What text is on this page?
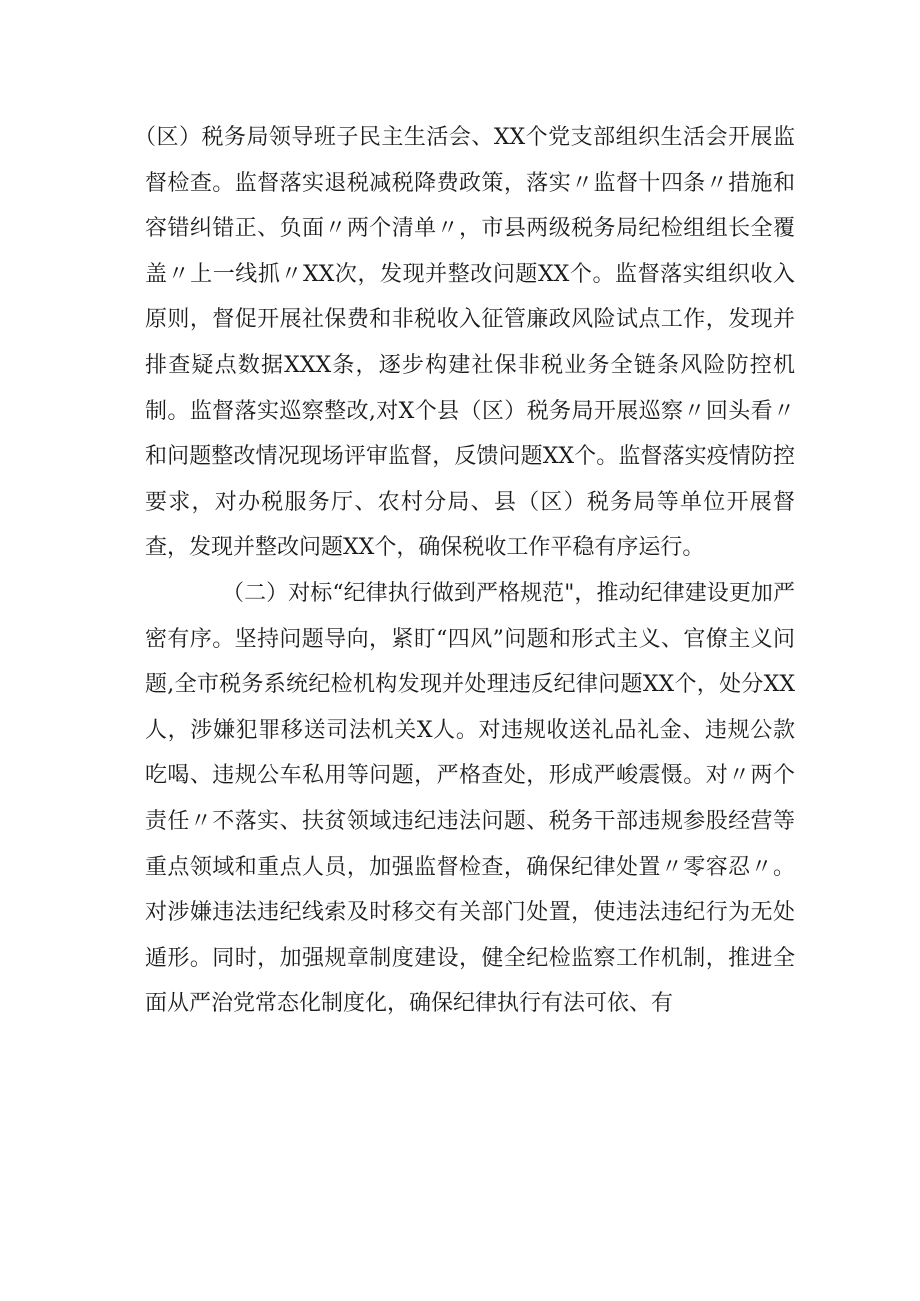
（区）税务局领导班子民主生活会、XX个党支部组织生活会开展监督检查。监督落实退税减税降费政策，落实〃监督十四条〃措施和容错纠错正、负面〃两个清单〃，市县两级税务局纪检组组长全覆盖〃上一线抓〃XX次，发现并整改问题XX个。监督落实组织收入原则，督促开展社保费和非税收入征管廉政风险试点工作，发现并排查疑点数据XXX条，逐步构建社保非税业务全链条风险防控机制。监督落实巡察整改,对X个县（区）税务局开展巡察〃回头看〃和问题整改情况现场评审监督，反馈问题XX个。监督落实疫情防控要求，对办税服务厅、农村分局、县（区）税务局等单位开展督查，发现并整改问题XX个，确保税收工作平稳有序运行。

（二）对标“纪律执行做到严格规范"，推动纪律建设更加严密有序。坚持问题导向，紧盯“四风”问题和形式主义、官僚主义问题,全市税务系统纪检机构发现并处理违反纪律问题XX个，处分XX人，涉嫌犯罪移送司法机关X人。对违规收送礼品礼金、违规公款吃喝、违规公车私用等问题，严格查处，形成严峻震慑。对〃两个责任〃不落实、扶贫领域违纪违法问题、税务干部违规参股经营等重点领域和重点人员，加强监督检查，确保纪律处置〃零容忍〃。对涉嫌违法违纪线索及时移交有关部门处置，使违法违纪行为无处遁形。同时，加强规章制度建设，健全纪检监察工作机制，推进全面从严治党常态化制度化，确保纪律执行有法可依、有
